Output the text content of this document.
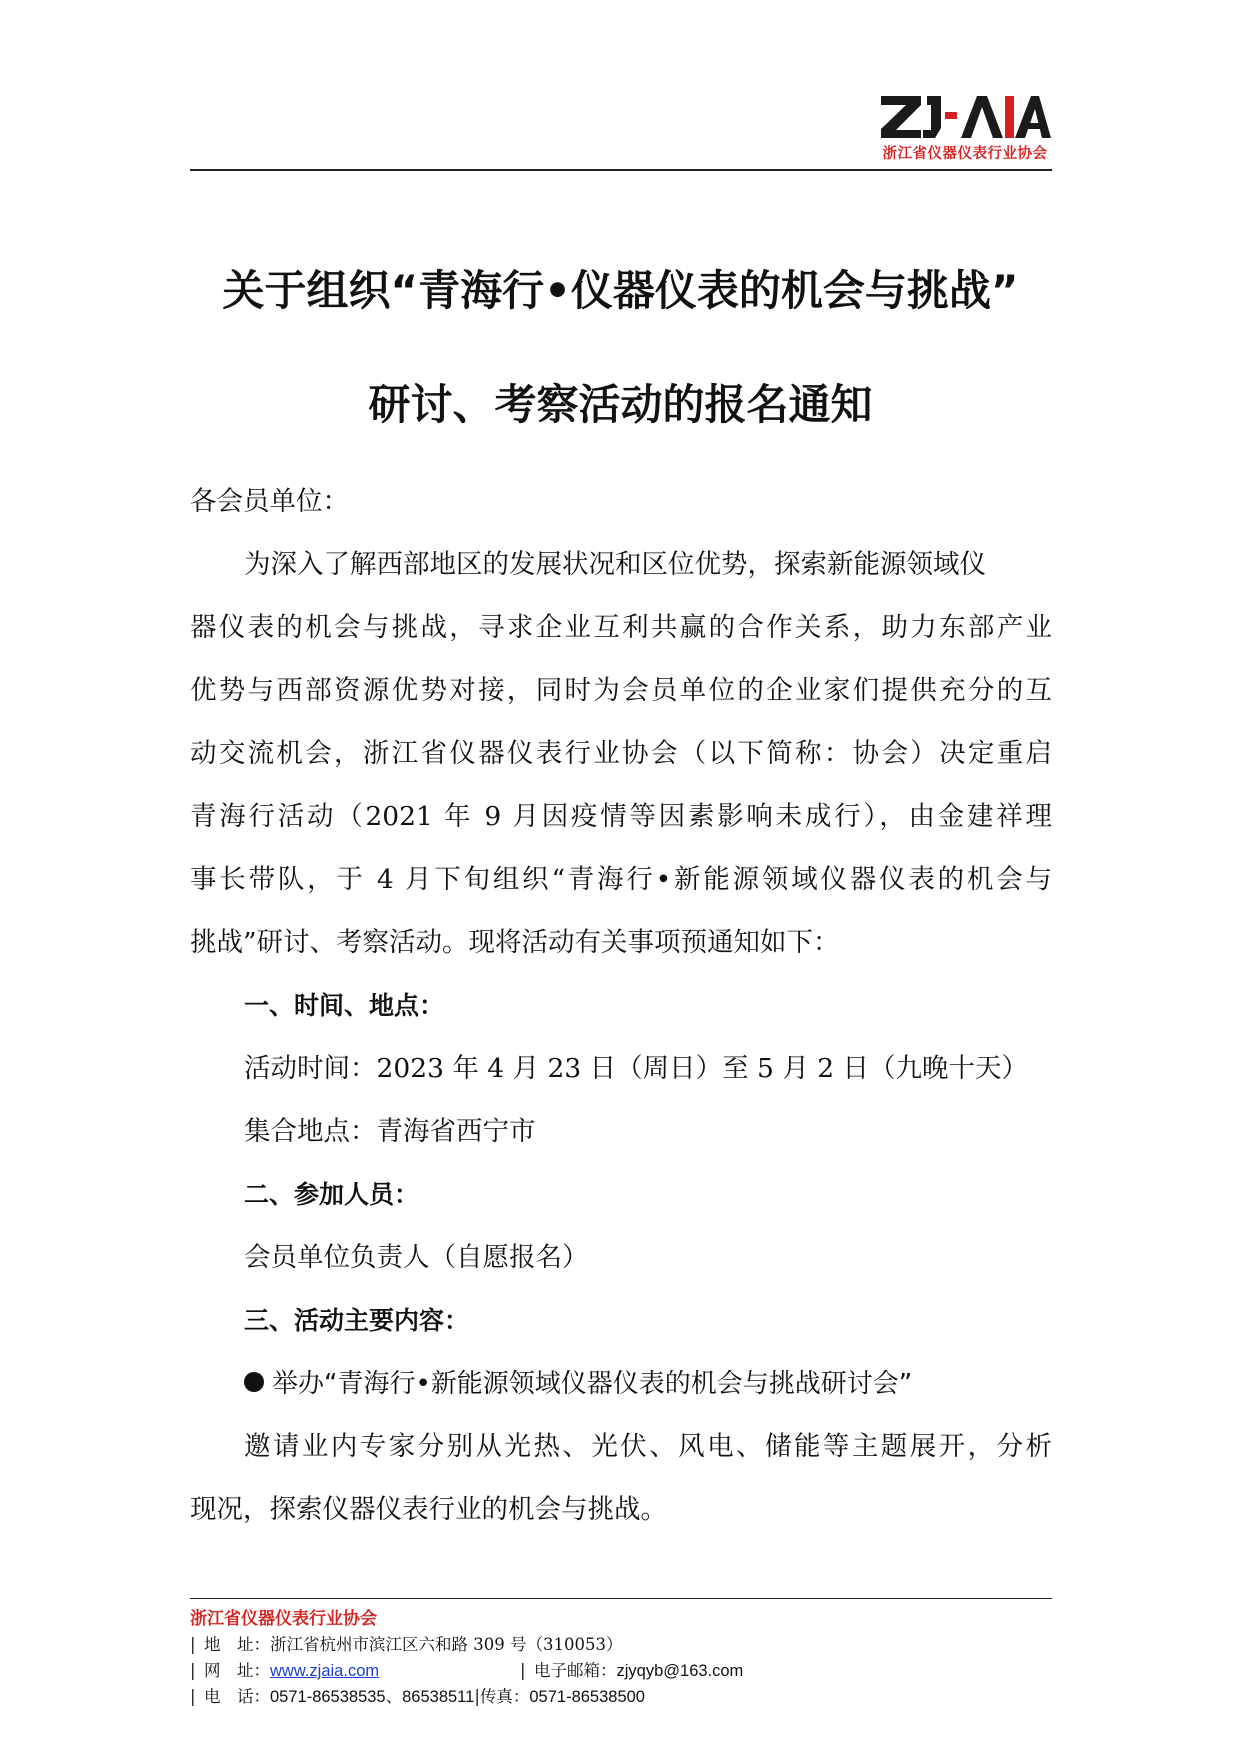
浙江省仪器仪表行业协会
关于组织“青海行•仪器仪表的机会与挑战”
研讨、考察活动的报名通知
各会员单位：
为深入了解西部地区的发展状况和区位优势，探索新能源领域仪
器仪表的机会与挑战，寻求企业互利共赢的合作关系，助力东部产业
优势与西部资源优势对接，同时为会员单位的企业家们提供充分的互
动交流机会，浙江省仪器仪表行业协会（以下简称：协会）决定重启
青海行活动（2021 年 9 月因疫情等因素影响未成行），由金建祥理
事长带队，于 4 月下旬组织“青海行•新能源领域仪器仪表的机会与
挑战”研讨、考察活动。现将活动有关事项预通知如下：
一、时间、地点：
活动时间：2023 年 4 月 23 日（周日）至 5 月 2 日（九晚十天）
集合地点：青海省西宁市
二、参加人员：
会员单位负责人（自愿报名）
三、活动主要内容：
举办“青海行•新能源领域仪器仪表的机会与挑战研讨会”
邀请业内专家分别从光热、光伏、风电、储能等主题展开，分析
现况，探索仪器仪表行业的机会与挑战。
浙江省仪器仪表行业协会
| 地　址：浙江省杭州市滨江区六和路 309 号（310053）
| 网　址：www.zjaia.com	| 电子邮箱：zjyqyb@163.com
| 电　话：0571-86538535、86538511|传真：0571-86538500
